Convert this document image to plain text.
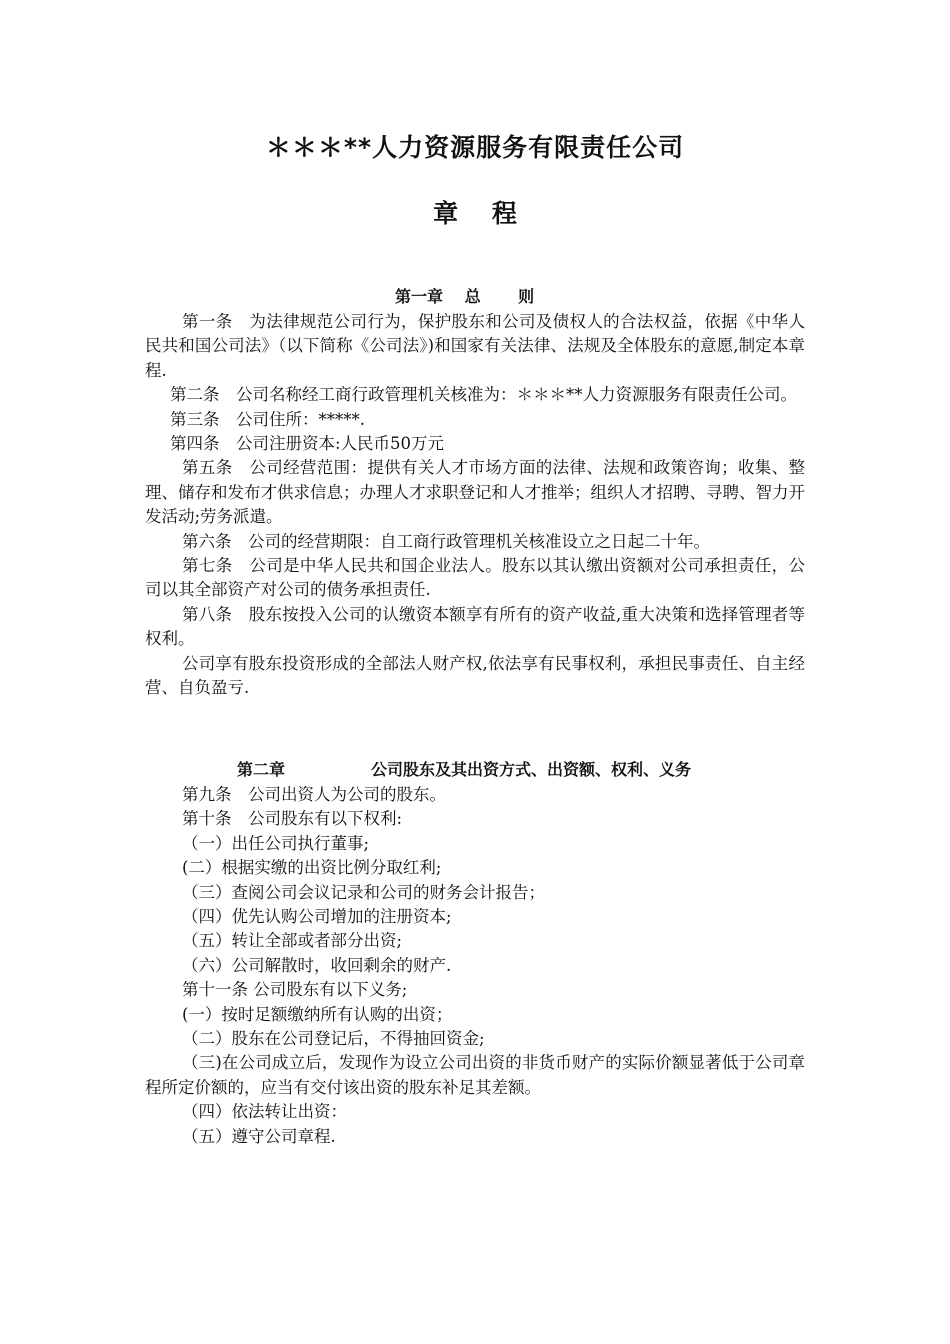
＊＊＊**人力资源服务有限责任公司
章　 程
第一章　 总　　 则

第一条　为法律规范公司行为，保护股东和公司及债权人的合法权益，依据《中华人民共和国公司法》（以下简称《公司法》)和国家有关法律、法规及全体股东的意愿,制定本章程.

第二条　公司名称经工商行政管理机关核准为：＊＊＊**人力资源服务有限责任公司。

第三条　公司住所：*****.

第四条　公司注册资本:人民币50万元

第五条　公司经营范围：提供有关人才市场方面的法律、法规和政策咨询；收集、整理、储存和发布才供求信息；办理人才求职登记和人才推举；组织人才招聘、寻聘、智力开发活动;劳务派遣。

第六条　公司的经营期限：自工商行政管理机关核准设立之日起二十年。

第七条　公司是中华人民共和国企业法人。股东以其认缴出资额对公司承担责任，公司以其全部资产对公司的债务承担责任.

第八条　股东按投入公司的认缴资本额享有所有的资产收益,重大决策和选择管理者等权利。

公司享有股东投资形成的全部法人财产权,依法享有民事权利，承担民事责任、自主经营、自负盈亏.

第二章	公司股东及其出资方式、出资额、权利、义务

第九条　公司出资人为公司的股东。

第十条　公司股东有以下权利:

（一）出任公司执行董事;

(二）根据实缴的出资比例分取红利;

（三）查阅公司会议记录和公司的财务会计报告；

（四）优先认购公司增加的注册资本;

（五）转让全部或者部分出资;

（六）公司解散时，收回剩余的财产.

第十一条 公司股东有以下义务;

(一）按时足额缴纳所有认购的出资；

（二）股东在公司登记后，不得抽回资金;

（三)在公司成立后，发现作为设立公司出资的非货币财产的实际价额显著低于公司章程所定价额的，应当有交付该出资的股东补足其差额。

（四）依法转让出资：

（五）遵守公司章程.
